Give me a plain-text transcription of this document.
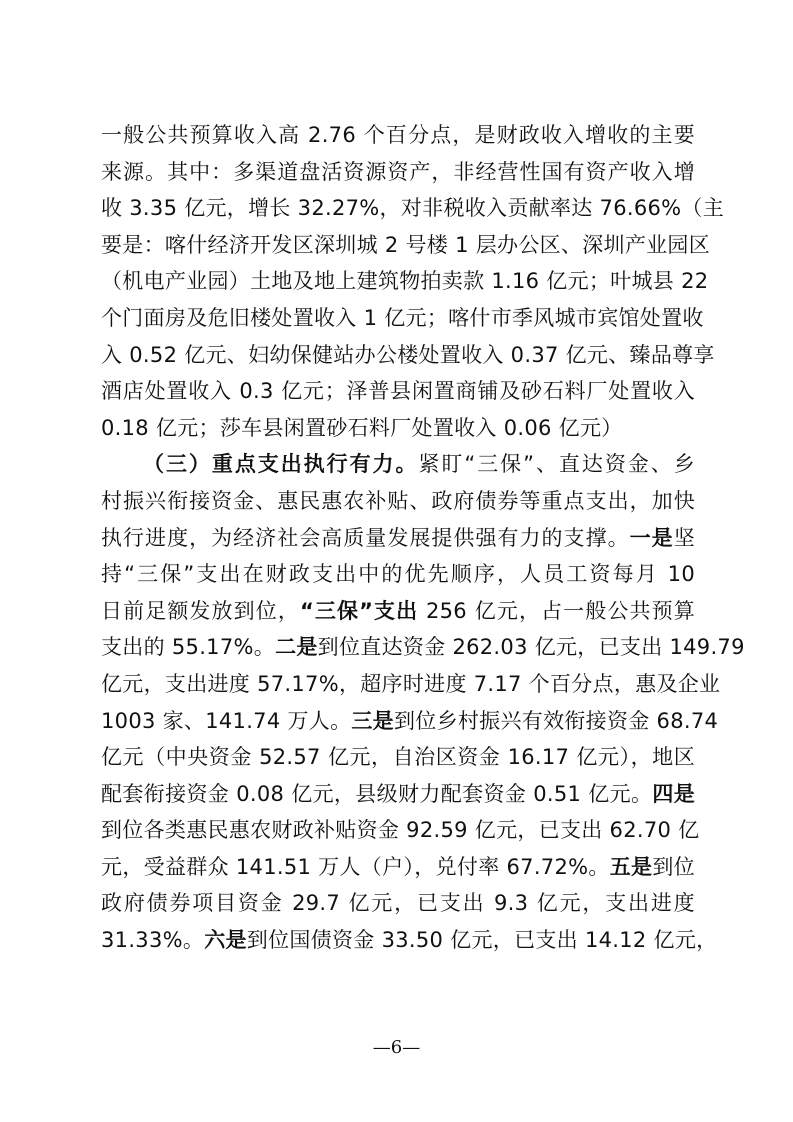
一般公共预算收入高 2.76 个百分点，是财政收入增收的主要
来源。其中：多渠道盘活资源资产，非经营性国有资产收入增
收 3.35 亿元，增长 32.27%，对非税收入贡献率达 76.66%（主
要是：喀什经济开发区深圳城 2 号楼 1 层办公区、深圳产业园区
（机电产业园）土地及地上建筑物拍卖款 1.16 亿元；叶城县 22
个门面房及危旧楼处置收入 1 亿元；喀什市季风城市宾馆处置收
入 0.52 亿元、妇幼保健站办公楼处置收入 0.37 亿元、臻品尊享
酒店处置收入 0.3 亿元；泽普县闲置商铺及砂石料厂处置收入
0.18 亿元；莎车县闲置砂石料厂处置收入 0.06 亿元）
（三）重点支出执行有力。紧盯“三保”、直达资金、乡
村振兴衔接资金、惠民惠农补贴、政府债券等重点支出，加快
执行进度，为经济社会高质量发展提供强有力的支撑。一是坚
持“三保”支出在财政支出中的优先顺序，人员工资每月 10
日前足额发放到位，“三保”支出 256 亿元，占一般公共预算
支出的 55.17%。二是到位直达资金 262.03 亿元，已支出 149.79
亿元，支出进度 57.17%，超序时进度 7.17 个百分点，惠及企业
1003 家、141.74 万人。三是到位乡村振兴有效衔接资金 68.74
亿元（中央资金 52.57 亿元，自治区资金 16.17 亿元），地区
配套衔接资金 0.08 亿元，县级财力配套资金 0.51 亿元。四是
到位各类惠民惠农财政补贴资金 92.59 亿元，已支出 62.70 亿
元，受益群众 141.51 万人（户），兑付率 67.72%。五是到位
政府债券项目资金 29.7 亿元，已支出 9.3 亿元，支出进度
31.33%。六是到位国债资金 33.50 亿元，已支出 14.12 亿元，
—6—
